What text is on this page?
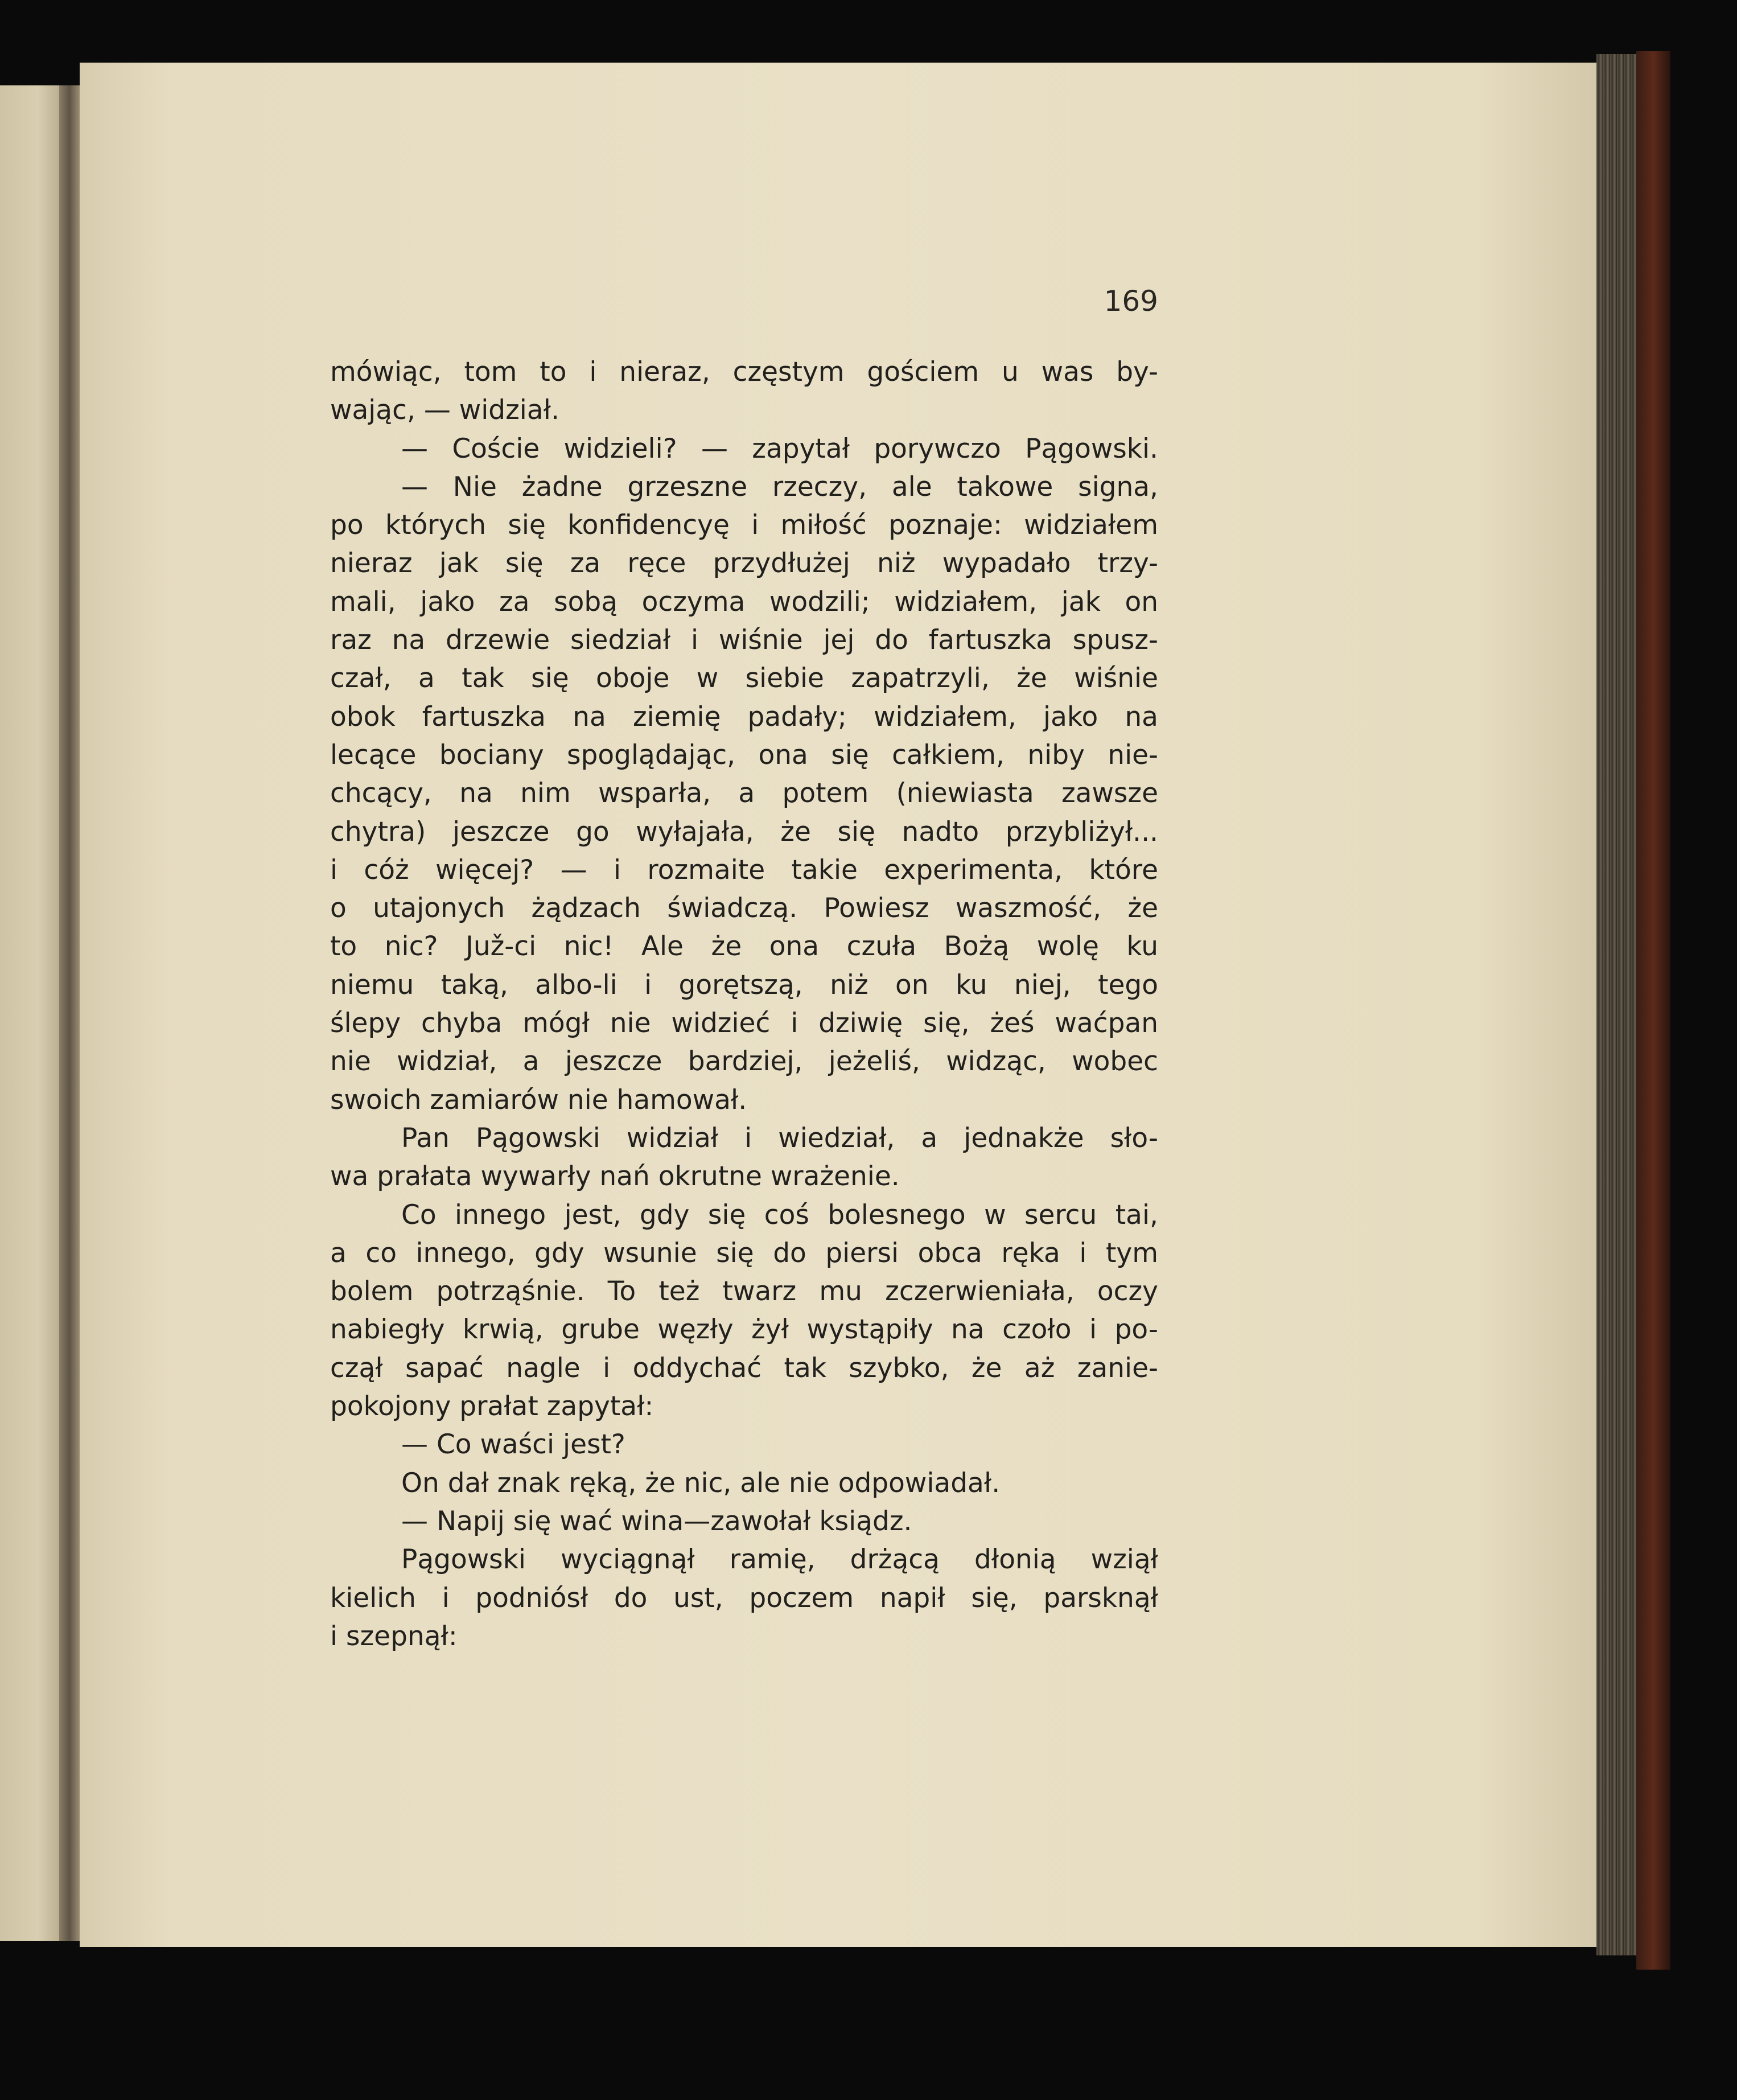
169
mówiąc, tom to i nieraz, częstym gościem u was by-
wając, — widział.
— Coście widzieli? — zapytał porywczo Pągowski.
— Nie żadne grzeszne rzeczy, ale takowe signa,
po których się konfidencyę i miłość poznaje: widziałem
nieraz jak się za ręce przydłużej niż wypadało trzy-
mali, jako za sobą oczyma wodzili; widziałem, jak on
raz na drzewie siedział i wiśnie jej do fartuszka spusz-
czał, a tak się oboje w siebie zapatrzyli, że wiśnie
obok fartuszka na ziemię padały; widziałem, jako na
lecące bociany spoglądając, ona się całkiem, niby nie-
chcący, na nim wsparła, a potem (niewiasta zawsze
chytra) jeszcze go wyłajała, że się nadto przybliżył...
i cóż więcej? — i rozmaite takie experimenta, które
o utajonych żądzach świadczą. Powiesz waszmość, że
to nic? Juž-ci nic! Ale że ona czuła Bożą wolę ku
niemu taką, albo-li i gorętszą, niż on ku niej, tego
ślepy chyba mógł nie widzieć i dziwię się, żeś waćpan
nie widział, a jeszcze bardziej, jeżeliś, widząc, wobec
swoich zamiarów nie hamował.
Pan Pągowski widział i wiedział, a jednakże sło-
wa prałata wywarły nań okrutne wrażenie.
Co innego jest, gdy się coś bolesnego w sercu tai,
a co innego, gdy wsunie się do piersi obca ręka i tym
bolem potrząśnie. To też twarz mu zczerwieniała, oczy
nabiegły krwią, grube węzły żył wystąpiły na czoło i po-
czął sapać nagle i oddychać tak szybko, że aż zanie-
pokojony prałat zapytał:
— Co waści jest?
On dał znak ręką, że nic, ale nie odpowiadał.
— Napij się wać wina—zawołał ksiądz.
Pągowski wyciągnął ramię, drżącą dłonią wziął
kielich i podniósł do ust, poczem napił się, parsknął
i szepnął:
